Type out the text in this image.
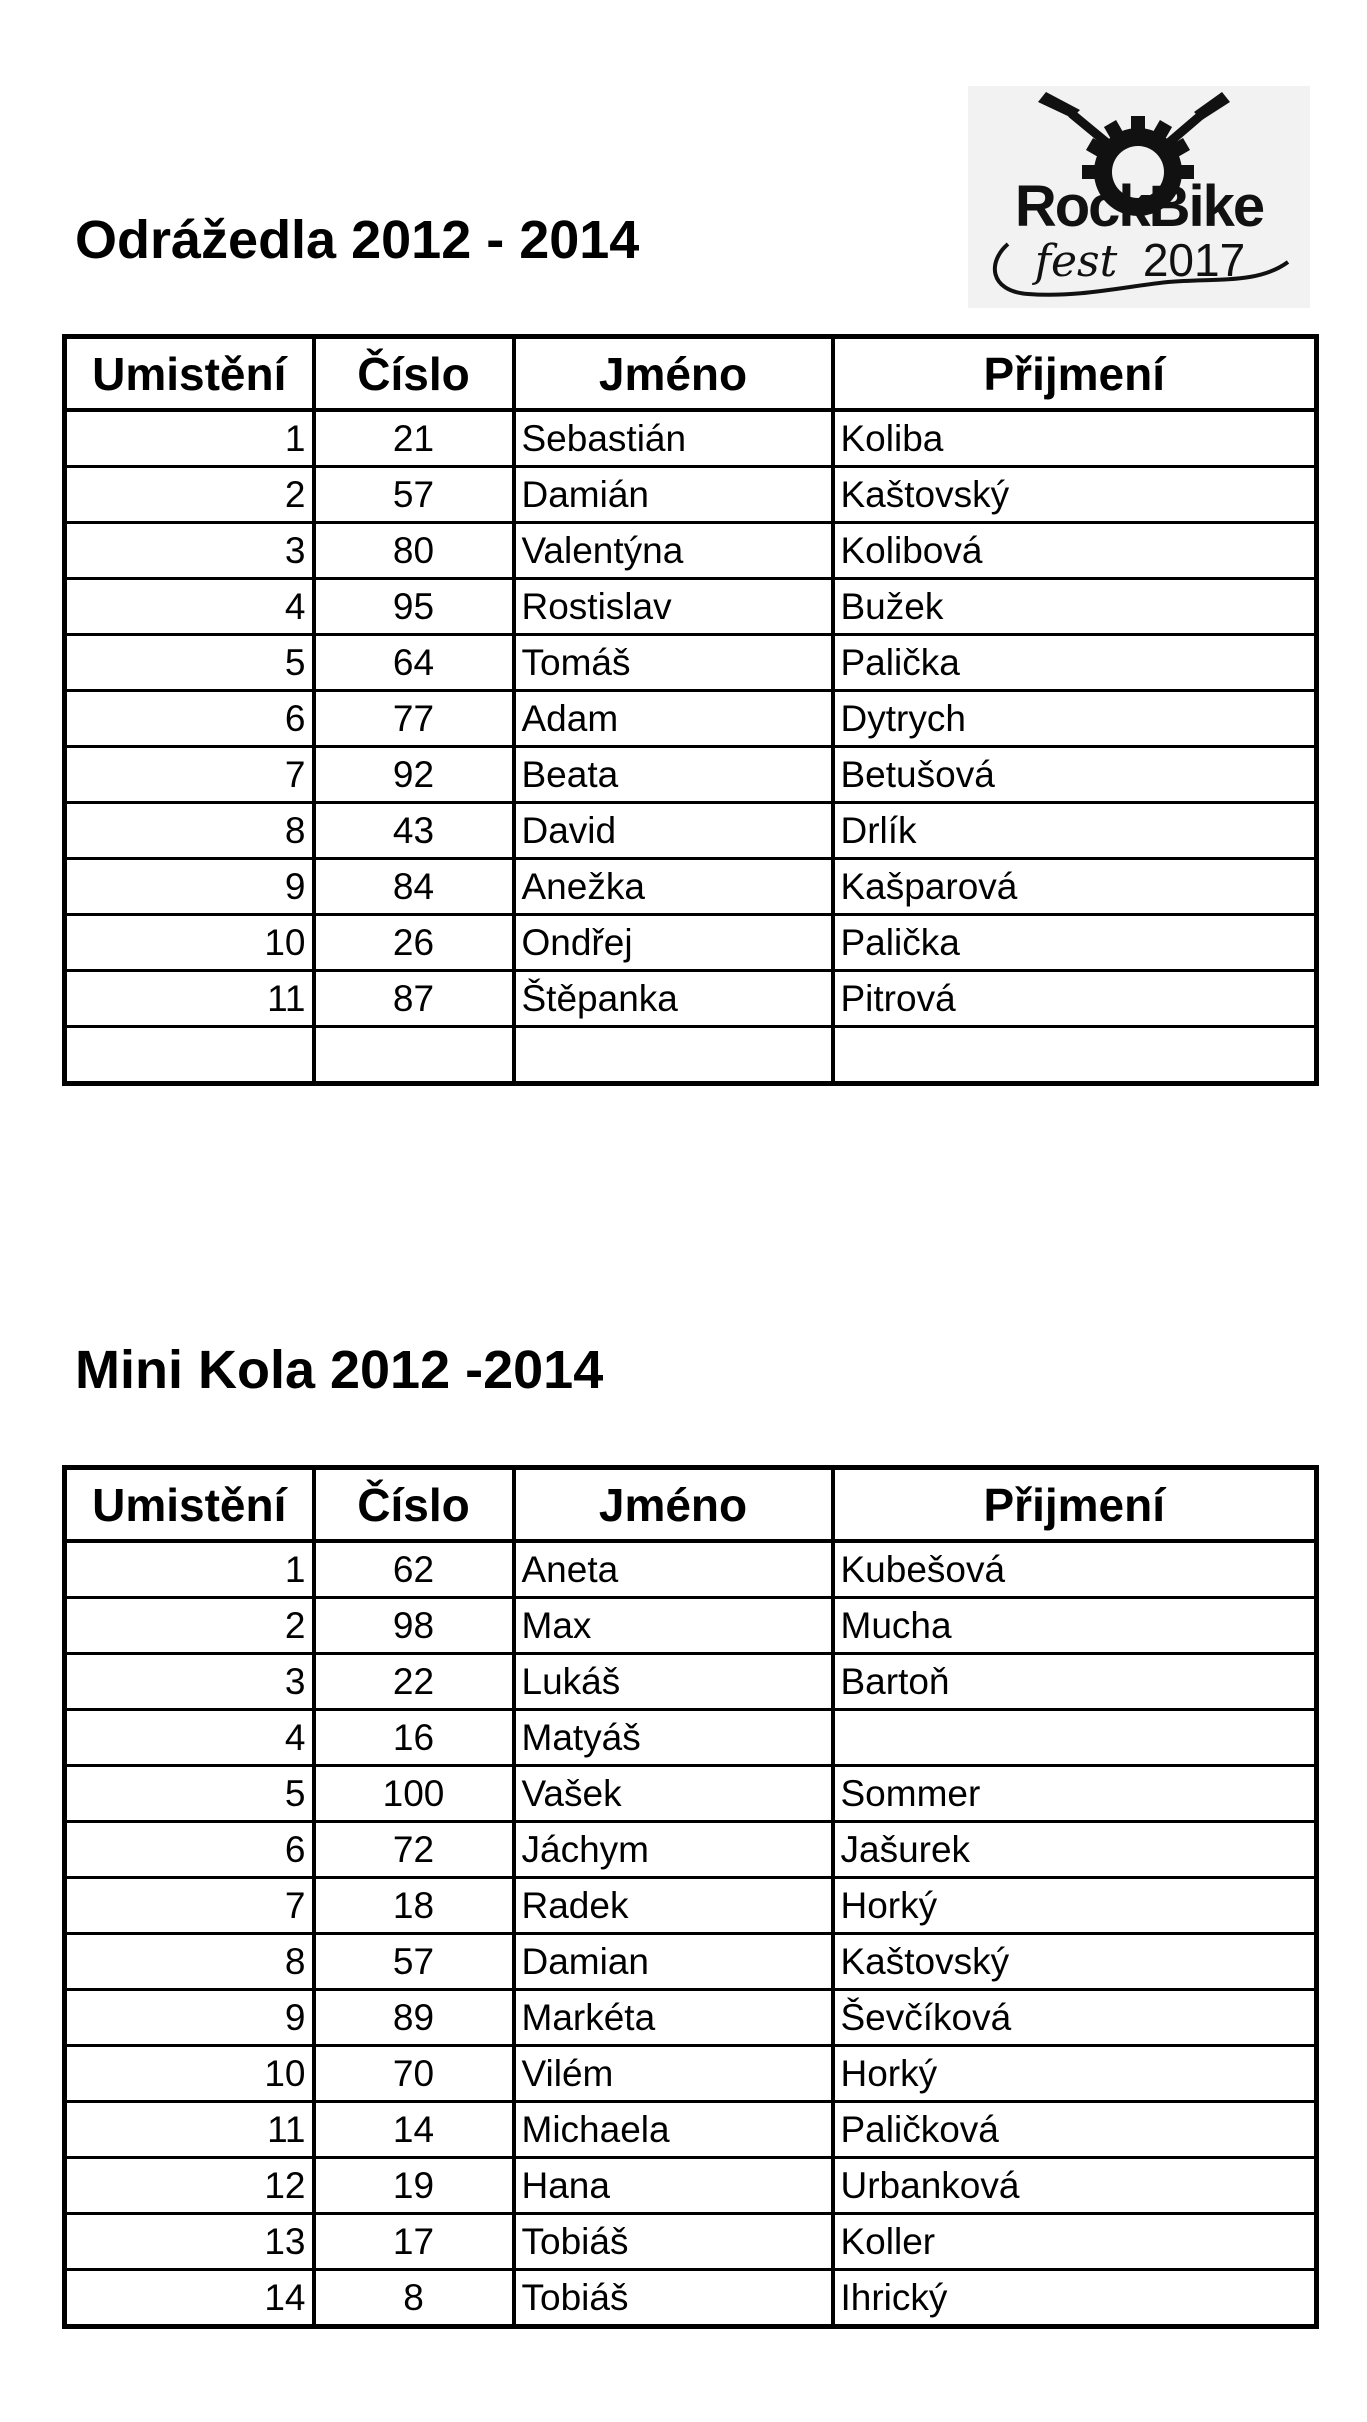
RockBike
fest 2017
Odrážedla 2012 - 2014
Umistění	Číslo	Jméno	Přijmení
1	21	Sebastián	Koliba
2	57	Damián	Kaštovský
3	80	Valentýna	Kolibová
4	95	Rostislav	Bužek
5	64	Tomáš	Palička
6	77	Adam	Dytrych
7	92	Beata	Betušová
8	43	David	Drlík
9	84	Anežka	Kašparová
10	26	Ondřej	Palička
11	87	Štěpanka	Pitrová

Mini Kola 2012 -2014
Umistění	Číslo	Jméno	Přijmení
1	62	Aneta	Kubešová
2	98	Max	Mucha
3	22	Lukáš	Bartoň
4	16	Matyáš	
5	100	Vašek	Sommer
6	72	Jáchym	Jašurek
7	18	Radek	Horký
8	57	Damian	Kaštovský
9	89	Markéta	Ševčíková
10	70	Vilém	Horký
11	14	Michaela	Paličková
12	19	Hana	Urbanková
13	17	Tobiáš	Koller
14	8	Tobiáš	Ihrický
